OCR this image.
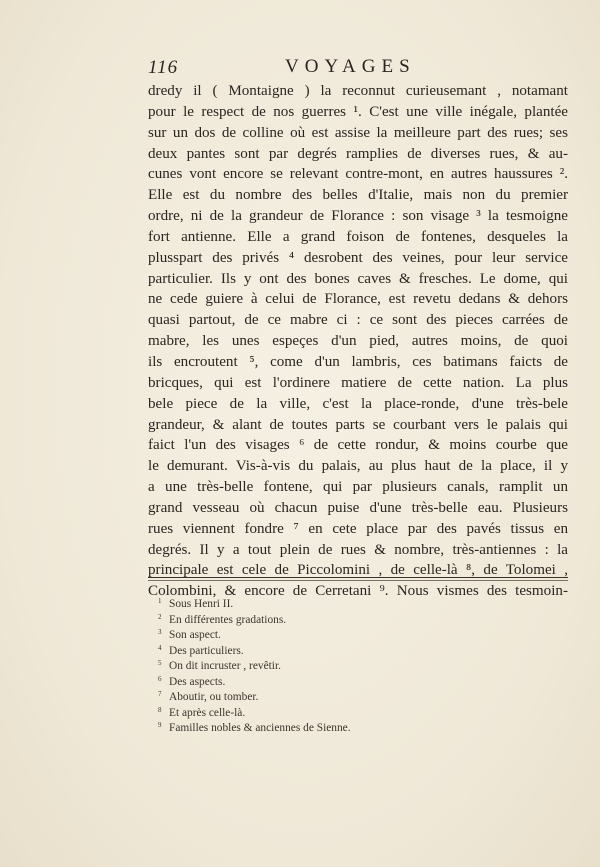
116	VOYAGES
dredy il ( Montaigne ) la reconnut curieusemant , notamant
pour le respect de nos guerres ¹. C'est une ville inégale, plantée
sur un dos de colline où est assise la meilleure part des rues; ses
deux pantes sont par degrés ramplies de diverses rues, & au-
cunes vont encore se relevant contre-mont, en autres haussures ².
Elle est du nombre des belles d'Italie, mais non du premier
ordre, ni de la grandeur de Florance : son visage ³ la tesmoigne
fort antienne. Elle a grand foison de fontenes, desqueles la
plusspart des privés ⁴ desrobent des veines, pour leur service
particulier. Ils y ont des bones caves & fresches. Le dome, qui
ne cede guiere à celui de Florance, est revetu dedans & dehors
quasi partout, de ce mabre ci : ce sont des pieces carrées de
mabre, les unes espeçes d'un pied, autres moins, de quoi
ils encroutent ⁵, come d'un lambris, ces batimans faicts de
bricques, qui est l'ordinere matiere de cette nation. La plus
bele piece de la ville, c'est la place-ronde, d'une très-bele
grandeur, & alant de toutes parts se courbant vers le palais qui
faict l'un des visages ⁶ de cette rondur, & moins courbe que
le demurant. Vis-à-vis du palais, au plus haut de la place, il y
a une très-belle fontene, qui par plusieurs canals, ramplit un
grand vesseau où chacun puise d'une très-belle eau. Plusieurs
rues viennent fondre ⁷ en cete place par des pavés tissus en
degrés. Il y a tout plein de rues & nombre, très-antiennes : la
principale est cele de Piccolomini , de celle-là ⁸, de Tolomei ,
Colombini, & encore de Cerretani ⁹. Nous vismes des tesmoin-
$^1$ Sous Henri II.
$^2$ En différentes gradations.
$^3$ Son aspect.
$^4$ Des particuliers.
$^5$ On dit incruster , revêtir.
$^6$ Des aspects.
$^7$ Aboutir, ou tomber.
$^8$ Et après celle-là.
$^9$ Familles nobles & anciennes de Sienne.
